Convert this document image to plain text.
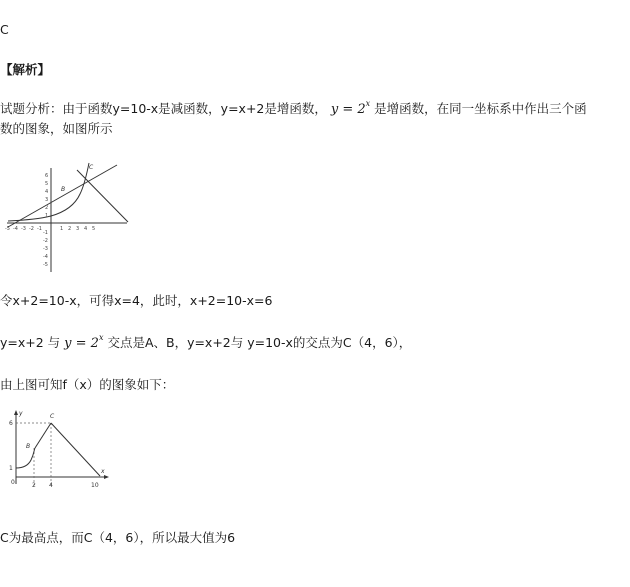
C
【解析】
试题分析：由于函数y=10-x是减函数，y=x+2是增函数， $y = 2^x$ 是增函数，在同一坐标系中作出三个函
数的图象，如图所示
-5 -4 -3 -2 -1	1 2 3 4 5
6
5
4
3
2
1
-1
-2
-3
-4
-5
B
C
令x+2=10-x，可得x=4，此时，x+2=10-x=6
y=x+2 与 $y = 2^x$ 交点是A、B，y=x+2与 y=10-x的交点为C（4，6），
由上图可知f（x）的图象如下：
y
x
6
1
0	2 4	10
B
C
C为最高点，而C（4，6），所以最大值为6
